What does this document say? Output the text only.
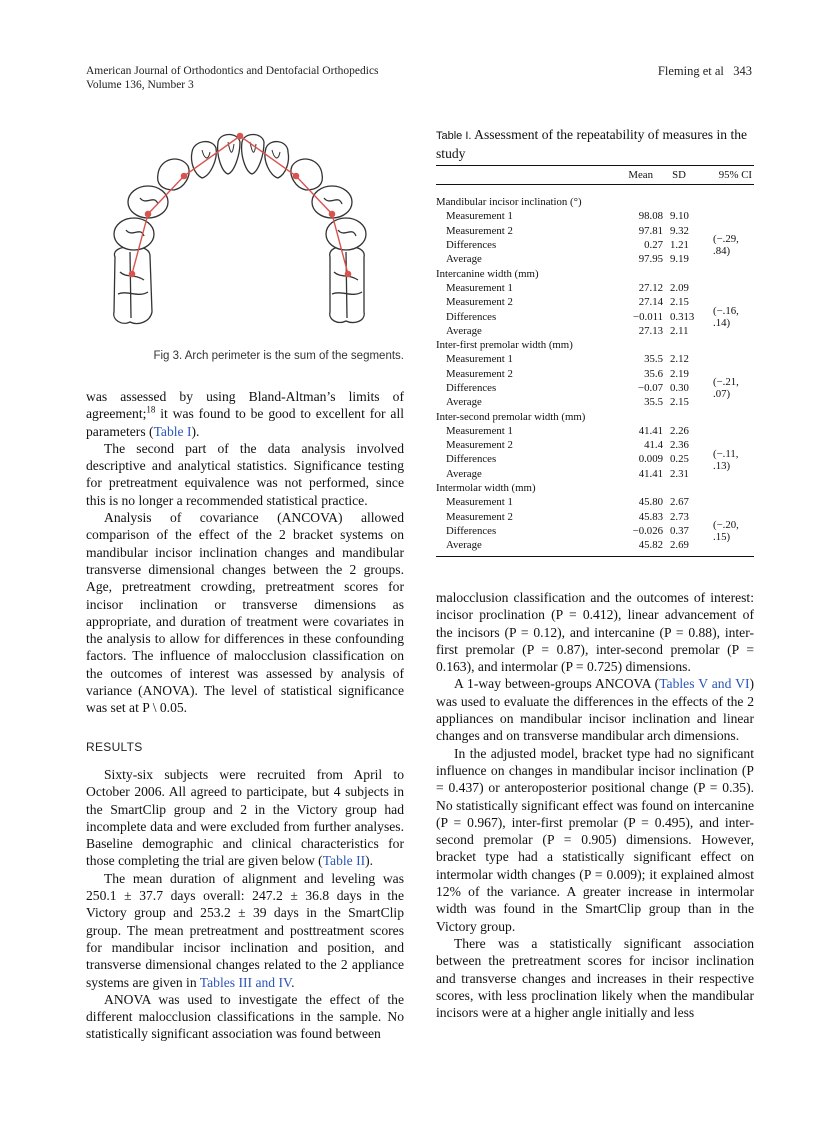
American Journal of Orthodontics and Dentofacial Orthopedics
Volume 136, Number 3
Fleming et al 343
Fig 3. Arch perimeter is the sum of the segments.

was assessed by using Bland-Altman’s limits of agreement;$^{18}$ it was found to be good to excellent for all parameters (Table I).

The second part of the data analysis involved descriptive and analytical statistics. Significance testing for pretreatment equivalence was not performed, since this is no longer a recommended statistical practice.

Analysis of covariance (ANCOVA) allowed comparison of the effect of the 2 bracket systems on mandibular incisor inclination changes and mandibular transverse dimensional changes between the 2 groups. Age, pretreatment crowding, pretreatment scores for incisor inclination or transverse dimensions as appropriate, and duration of treatment were covariates in the analysis to allow for differences in these confounding factors. The influence of malocclusion classification on the outcomes of interest was assessed by analysis of variance (ANOVA). The level of statistical significance was set at P \ 0.05.

RESULTS

Sixty-six subjects were recruited from April to October 2006. All agreed to participate, but 4 subjects in the SmartClip group and 2 in the Victory group had incomplete data and were excluded from further analyses. Baseline demographic and clinical characteristics for those completing the trial are given below (Table II).

The mean duration of alignment and leveling was 250.1 ± 37.7 days overall: 247.2 ± 36.8 days in the Victory group and 253.2 ± 39 days in the SmartClip group. The mean pretreatment and posttreatment scores for mandibular incisor inclination and position, and transverse dimensional changes related to the 2 appliance systems are given in Tables III and IV.

ANOVA was used to investigate the effect of the different malocclusion classifications in the sample. No statistically significant association was found between

Table I. Assessment of the repeatability of measures in the study
Mean	SD	95% CI
Mandibular incisor inclination (°)
Measurement 1	98.08 9.10
Measurement 2	97.81 9.32
Differences	0.27 1.21	(−.29, .84)
Average	97.95 9.19
Intercanine width (mm)
Measurement 1	27.12 2.09
Measurement 2	27.14 2.15
Differences	−0.011 0.313	(−.16, .14)
Average	27.13 2.11
Inter-first premolar width (mm)
Measurement 1	35.5 2.12
Measurement 2	35.6 2.19
Differences	−0.07 0.30	(−.21, .07)
Average	35.5 2.15
Inter-second premolar width (mm)
Measurement 1	41.41 2.26
Measurement 2	41.4 2.36
Differences	0.009 0.25	(−.11, .13)
Average	41.41 2.31
Intermolar width (mm)
Measurement 1	45.80 2.67
Measurement 2	45.83 2.73
Differences	−0.026 0.37	(−.20, .15)
Average	45.82 2.69

malocclusion classification and the outcomes of interest: incisor proclination (P = 0.412), linear advancement of the incisors (P = 0.12), and intercanine (P = 0.88), inter-first premolar (P = 0.87), inter-second premolar (P = 0.163), and intermolar (P = 0.725) dimensions.

A 1-way between-groups ANCOVA (Tables V and VI) was used to evaluate the differences in the effects of the 2 appliances on mandibular incisor inclination and linear changes and on transverse mandibular arch dimensions.

In the adjusted model, bracket type had no significant influence on changes in mandibular incisor inclination (P = 0.437) or anteroposterior positional change (P = 0.35). No statistically significant effect was found on intercanine (P = 0.967), inter-first premolar (P = 0.495), and inter-second premolar (P = 0.905) dimensions. However, bracket type had a statistically significant effect on intermolar width changes (P = 0.009); it explained almost 12% of the variance. A greater increase in intermolar width was found in the SmartClip group than in the Victory group.

There was a statistically significant association between the pretreatment scores for incisor inclination and transverse changes and increases in their respective scores, with less proclination likely when the mandibular incisors were at a higher angle initially and less
